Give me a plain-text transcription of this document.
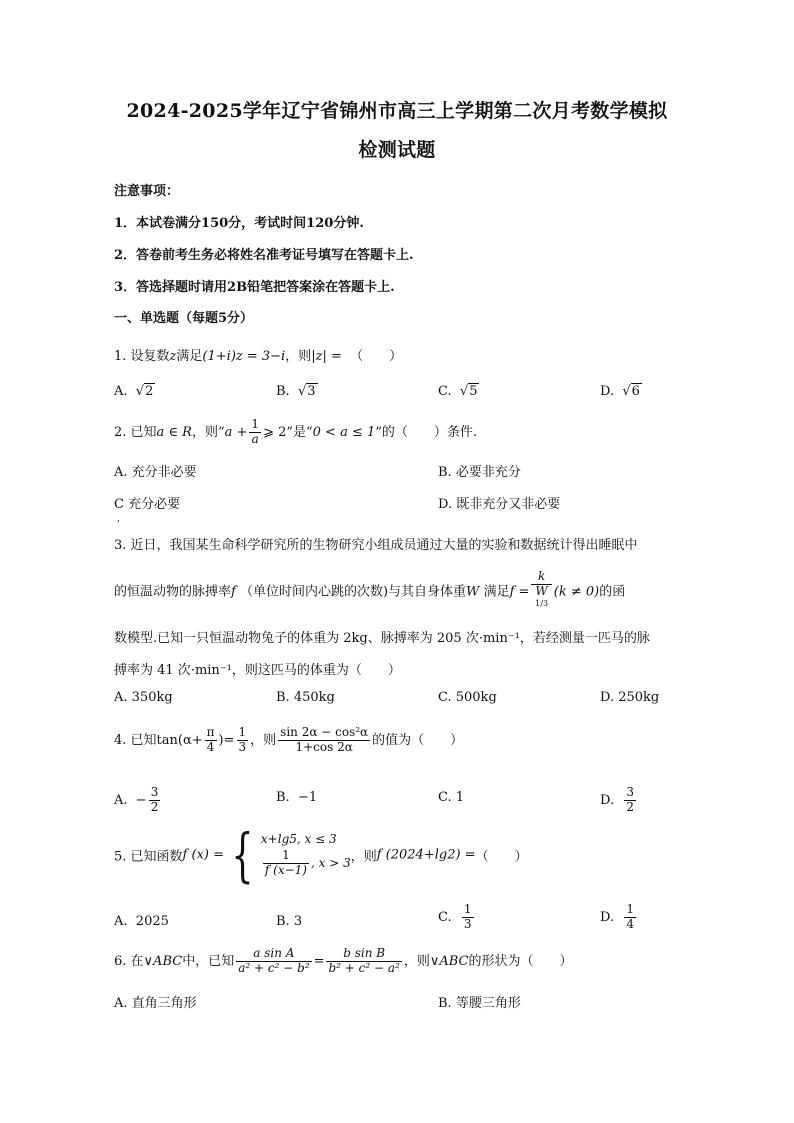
2024-2025学年辽宁省锦州市高三上学期第二次月考数学模拟
检测试题
注意事项：
1．本试卷满分150分，考试时间120分钟.
2．答卷前考生务必将姓名准考证号填写在答题卡上.
3．答选择题时请用2B铅笔把答案涂在答题卡上.
一、单选题（每题5分）
1. 设复数z满足(1+i)z = 3−i，则|z| = （　　）
A. √2	B. √3	C. √5	D. √6
2. 已知a ∈ R，则“$a + \frac{1}{a}$ ⩾ 2”是“0 < a ≤ 1”的（　　）条件.
A. 充分非必要	B. 必要非充分
C 充分必要	D. 既非充分又非必要
,
3. 近日，我国某生命科学研究所的生物研究小组成员通过大量的实验和数据统计得出睡眠中
的恒温动物的脉搏率f （单位时间内心跳的次数)与其自身体重W 满足f = k
W
$^{1/3}$ (k ≠ 0)的函
数模型.已知一只恒温动物兔子的体重为 2kg、脉搏率为 205 次·min⁻¹，若经测量一匹马的脉
搏率为 41 次·min⁻¹，则这匹马的体重为（　　）
A. 350kg	B. 450kg	C. 500kg	D. 250kg
4. 已知$\tan(\alpha+ \frac{\pi}{4}$ )= $\frac{1}{3}$ ，则 $\frac{\text{sin 2α − cos²α}}{1+\cos 2\alpha}$ 的值为（　　）
A. − $\frac{3}{2}$	B. −1	C. 1	D. $\frac{3}{2}$
5. 已知函数f (x) = { x+lg5, x ≤ 3
$\frac{1}{f (x-1)}$ , x > 3 ，则f (2024+lg2) =（　　）
A. 2025	B. 3	C. $\frac{1}{3}$	D. $\frac{1}{4}$
6. 在∨ABC中，已知 $\frac{\text{a sin A}}{\text{a² + c² − b²}} = \frac{\text{b sin B}}{\text{b² + c² − a²}}$ ，则∨ABC的形状为（　　）
A. 直角三角形	B. 等腰三角形
